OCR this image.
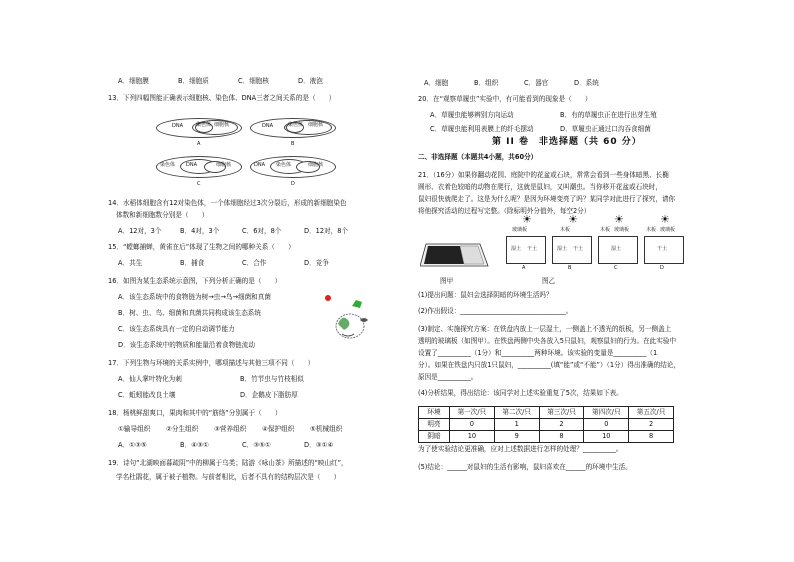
A．细胞膜	B．细胞质	C．细胞核	D．液泡
13．下列四幅图能正确表示细胞核、染色体、DNA三者之间关系的是（　　）
DNA	染色体 细胞核
A
DNA	染色体 细胞核
B
染色体 DNA	细胞核
C
DNA 染色体	细胞核
D
14．水稻体细胞含有12对染色体，一个体细胞经过3次分裂后，形成的新细胞染色
体数和新细胞数分别是（　　）
A．12对，3个	B．4对，3个	C．6对，8个	D．12对，8个
15．“螳螂捕蝉，黄雀在后”体现了生物之间的哪种关系（　　）
A．共生	B．捕食	C．合作	D．竞争
16．如图为某生态系统示意图，下列分析正确的是（　　）
A．该生态系统中的食物链为树→虫→鸟→细菌和真菌
B．树、虫、鸟、细菌和真菌共同构成该生态系统
C．该生态系统具有一定的自动调节能力
D．该生态系统中的物质和能量沿着食物链流动
17．下列生物与环境的关系实例中，哪项描述与其他三项不同（　　）
A．仙人掌叶特化为刺	B．竹节虫与竹枝相似
C．蚯蚓能改良土壤	D．企鹅皮下脂肪厚
18．杨桃鲜甜爽口，果肉和其中的“筋络”分别属于（　　）
①输导组织 ②分生组织 ③营养组织 ④保护组织 ⑤机械组织
A．①③⑤	B．④③①	C．③⑤①	D．③①④
19．诗句“北湖映面暮疏阴”中的柳属于乌类；陆游《咏山茶》所描述的“映山红”，
学名杜鹃花，属于被子植物。与前者相比，后者不具有的结构层次是（　　）
A．细胞	B．组织	C．器官	D．系统
20．在“观察草履虫”实验中，有可能看到的现象是（　　）
A．草履虫能够辨别方向运动	B．有的草履虫正在进行出芽生殖
C．草履虫能利用表膜上的纤毛摆动	D．草履虫正通过口沟吞食细菌
第 II 卷　非选择题（共 60 分）
二、非选择题（本题共4小题，共60分）
21．（16分）如果你翻动花园、庭院中的花盆或石块，常常会看到一些身体暗黑、长椭
圆形、衣着色较暗的动物在爬行，这就是鼠妇，又叫潮虫。当你移开花盆或石块时，
鼠妇很快就爬走了。这是为什么呢？是因为环境变亮了吗？某同学对此进行了探究，请你
将他探究活动的过程写完整。（除标明外分值外，每空2分）
图甲
☀	☀	☀	☀
玻璃板	木板	木板 玻璃板	木板 玻璃板
湿土 干土	湿土 干土	湿土	干土
A	B	C	D
图乙
(1)提出问题：鼠妇会选择阴暗的环境生活吗？
(2)作出假设：________________________________。
(3)制定、实施探究方案：在铁盘内放上一层湿土，一侧盖上不透光的纸板，另一侧盖上
透明的玻璃板（如图甲）。在铁盘两侧中央各放入5只鼠妇，观察鼠妇的行为。在此实验中
设置了__________（1分）和__________两种环境。该实验的变量是__________（1
分）。如果在铁盘内只放1只鼠妇，__________(填“能”或“不能”）（1分）得出准确的结论，
原因是__________。
(4)分析结果，得出结论：该同学对上述实验重复了5次，结果如下表。
环境	第一次/只	第二次/只	第三次/只	第四次/只	第五次/只
明亮	0	1	2	0	2
阴暗	10	9	8	10	8
为了使实验结论更准确，应对上述数据进行怎样的处理？__________。
(5)结论：______对鼠妇的生活有影响，鼠妇喜欢在______的环境中生活。
